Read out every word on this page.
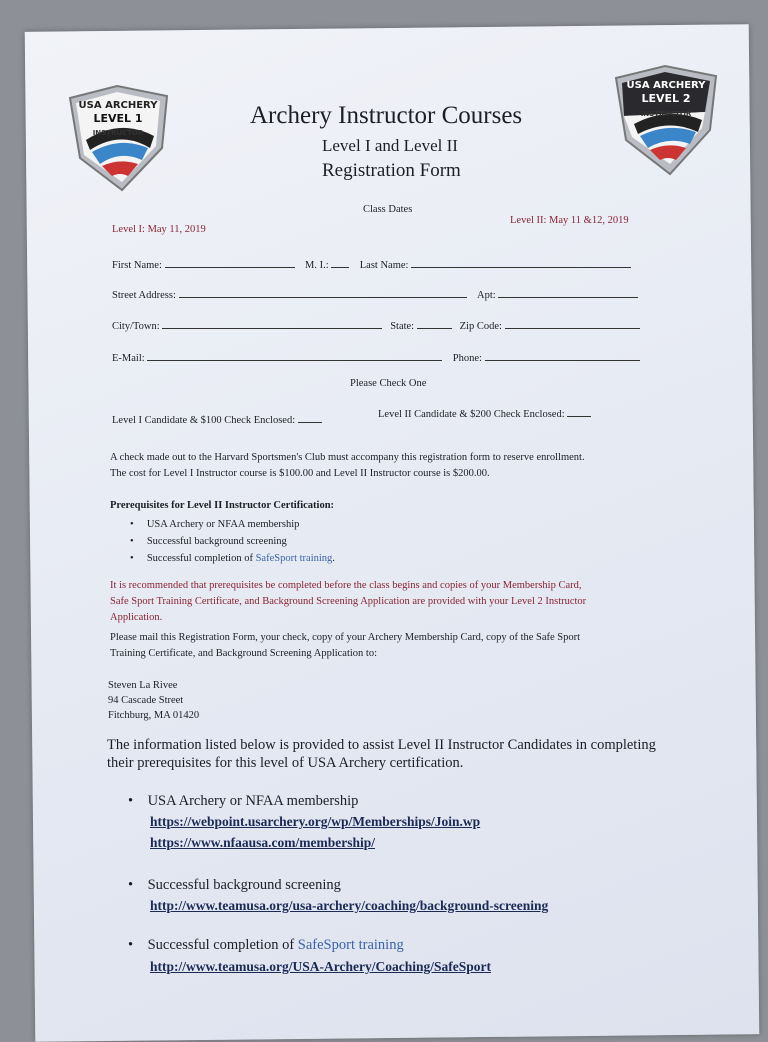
USA ARCHERY
LEVEL 1
INSTRUCTOR
USA ARCHERY
LEVEL 2
INSTRUCTOR
Archery Instructor Courses
Level I and Level II
Registration Form
Class Dates
Level I: May 11, 2019
Level II: May 11 &12, 2019
First Name:	M. I.:	Last Name:
Street Address:	Apt:
City/Town:	State:	Zip Code:
E-Mail:	Phone:
Please Check One
Level I Candidate & $100 Check Enclosed:
Level II Candidate & $200 Check Enclosed:
A check made out to the Harvard Sportsmen's Club must accompany this registration form to reserve enrollment.
The cost for Level I Instructor course is $100.00 and Level II Instructor course is $200.00.
Prerequisites for Level II Instructor Certification:
•     USA Archery or NFAA membership
•     Successful background screening
•     Successful completion of SafeSport training.
It is recommended that prerequisites be completed before the class begins and copies of your Membership Card,
Safe Sport Training Certificate, and Background Screening Application are provided with your Level 2 Instructor
Application.
Please mail this Registration Form, your check, copy of your Archery Membership Card, copy of the Safe Sport
Training Certificate, and Background Screening Application to:
Steven La Rivee
94 Cascade Street
Fitchburg, MA 01420
The information listed below is provided to assist Level II Instructor Candidates in completing
their prerequisites for this level of USA Archery certification.
•    USA Archery or NFAA membership
https://webpoint.usarchery.org/wp/Memberships/Join.wp
https://www.nfaausa.com/membership/
•    Successful background screening
http://www.teamusa.org/usa-archery/coaching/background-screening
•    Successful completion of SafeSport training
http://www.teamusa.org/USA-Archery/Coaching/SafeSport
